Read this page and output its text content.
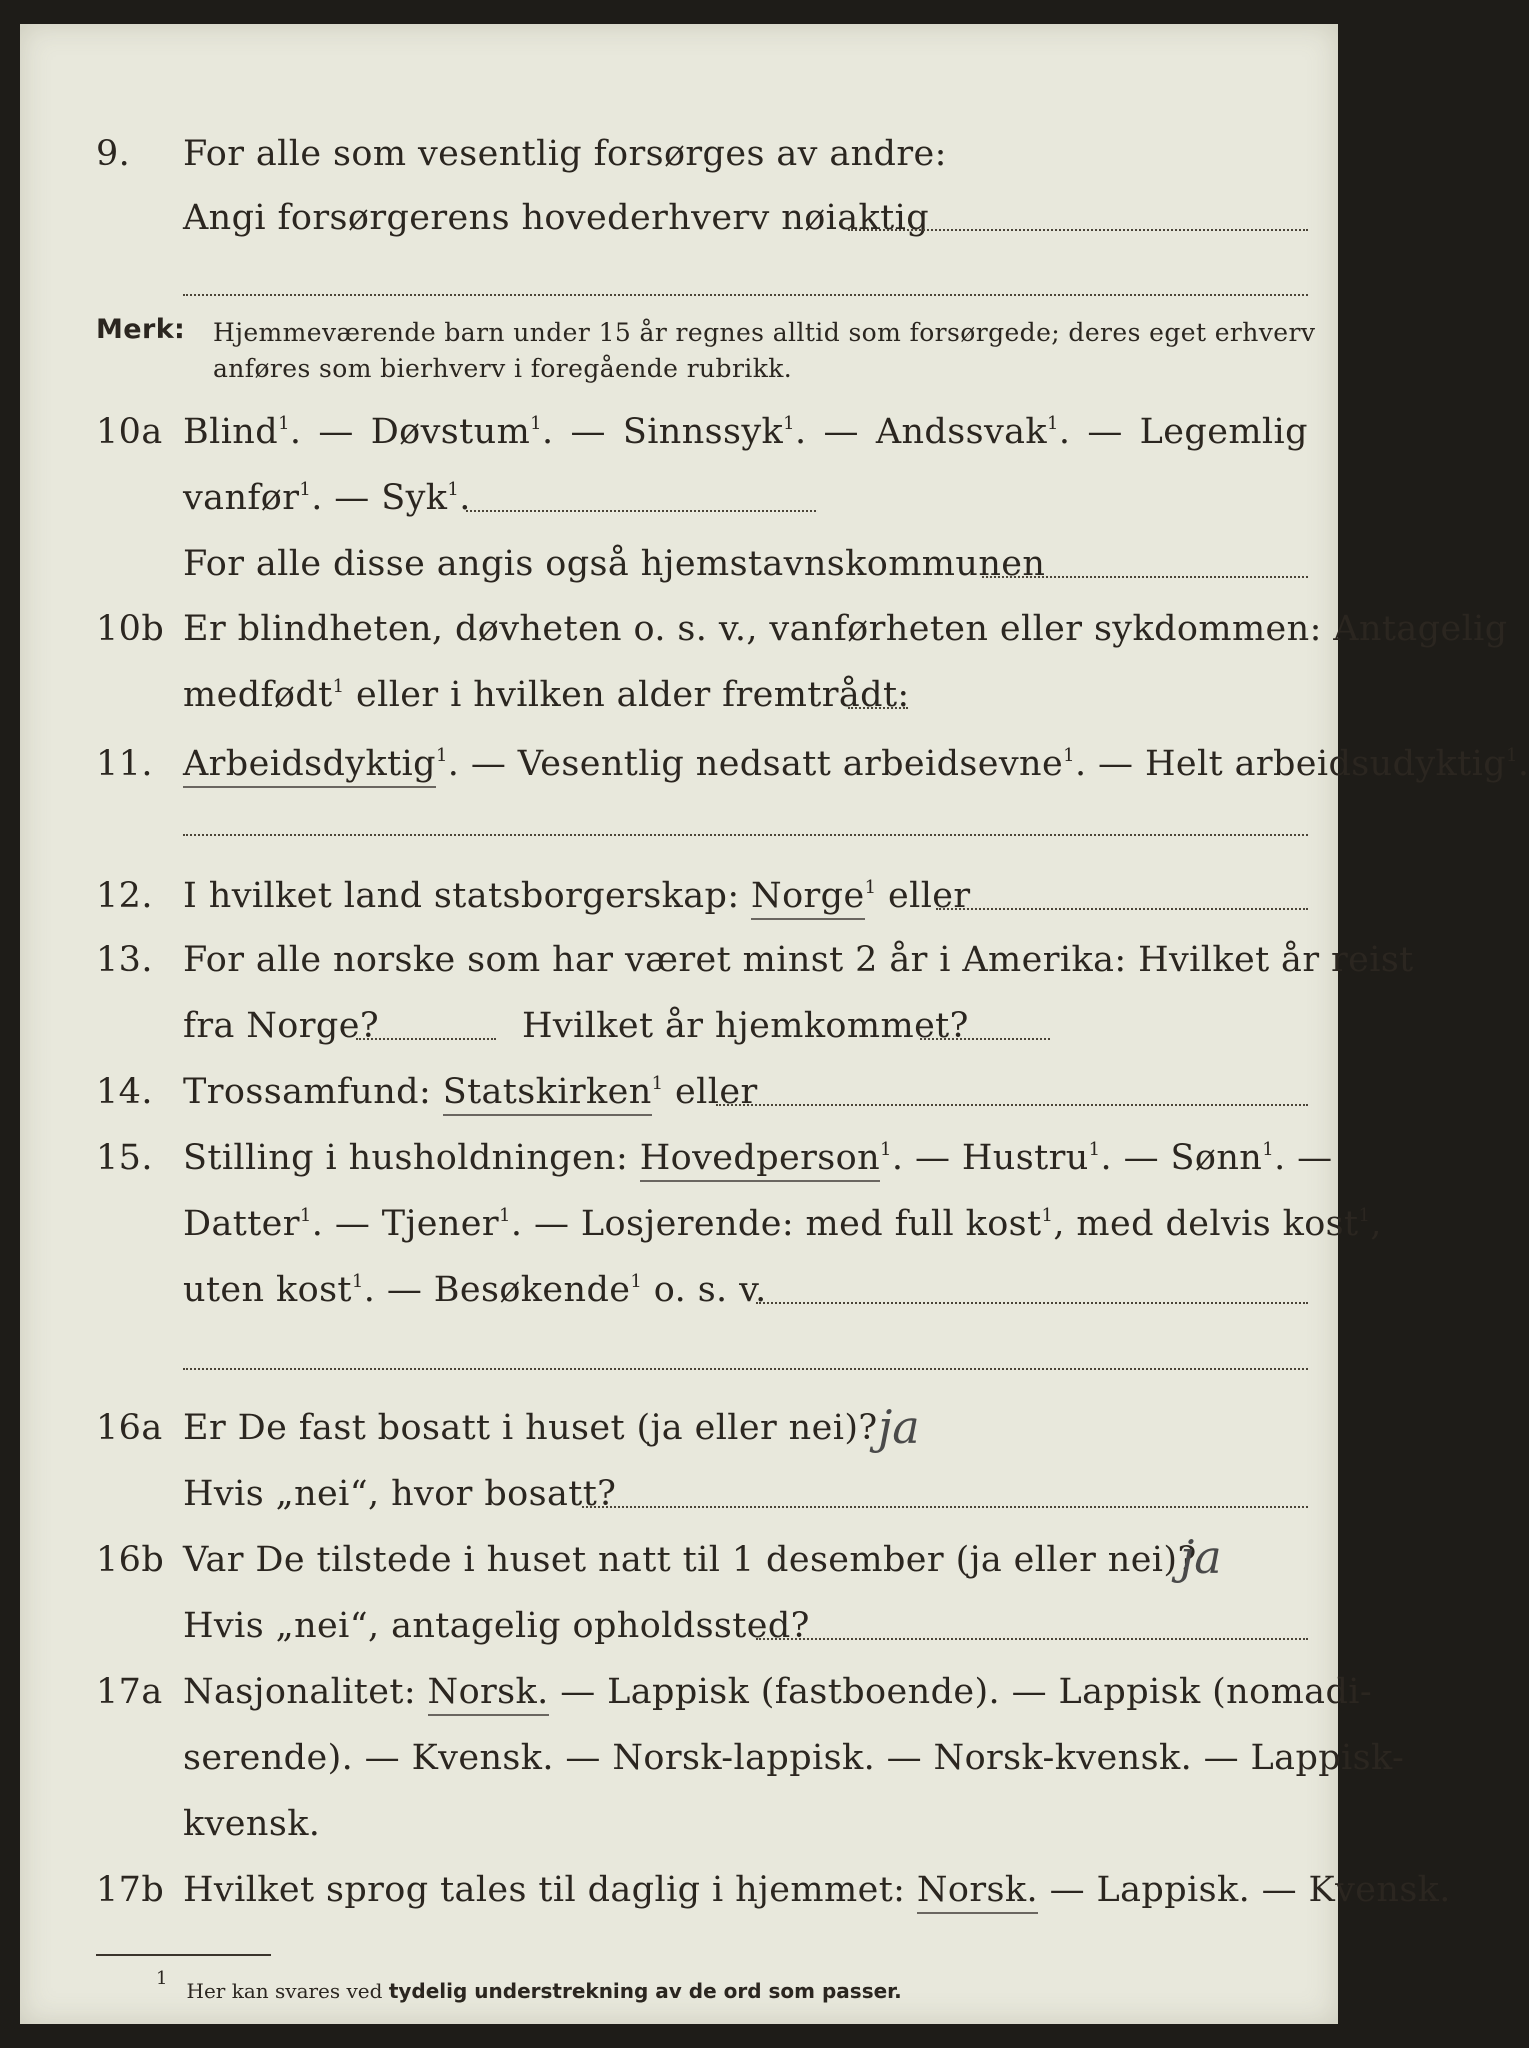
9. For alle som vesentlig forsørges av andre:
Angi forsørgerens hovederhverv nøiaktig
Merk: Hjemmeværende barn under 15 år regnes alltid som forsørgede; deres eget erhverv
anføres som bierhverv i foregående rubrikk.
10a Blind$^1$. — Døvstum$^1$. — Sinnssyk$^1$. — Andssvak$^1$. — Legemlig
vanfør$^1$. — Syk$^1$.
For alle disse angis også hjemstavnskommunen
10b Er blindheten, døvheten o. s. v., vanførheten eller sykdommen: Antagelig
medfødt$^1$ eller i hvilken alder fremtrådt:
11. Arbeidsdyktig$^1$. — Vesentlig nedsatt arbeidsevne$^1$. — Helt arbeidsudyktig$^1$.
12. I hvilket land statsborgerskap: Norge$^1$ eller
13. For alle norske som har været minst 2 år i Amerika: Hvilket år reist
fra Norge?	Hvilket år hjemkommet?
14. Trossamfund: Statskirken$^1$ eller
15. Stilling i husholdningen: Hovedperson$^1$. — Hustru$^1$. — Sønn$^1$. —
Datter$^1$. — Tjener$^1$. — Losjerende: med full kost$^1$, med delvis kost$^1$,
uten kost$^1$. — Besøkende$^1$ o. s. v.
16a Er De fast bosatt i huset (ja eller nei)? ja
Hvis „nei“, hvor bosatt?
16b Var De tilstede i huset natt til 1 desember (ja eller nei)?
ja
Hvis „nei“, antagelig opholdssted?
17a Nasjonalitet: Norsk. — Lappisk (fastboende). — Lappisk (nomadi-
serende). — Kvensk. — Norsk-lappisk. — Norsk-kvensk. — Lappisk-
kvensk.
17b Hvilket sprog tales til daglig i hjemmet: Norsk. — Lappisk. — Kvensk.
$^1$   Her kan svares ved tydelig understrekning av de ord som passer.
